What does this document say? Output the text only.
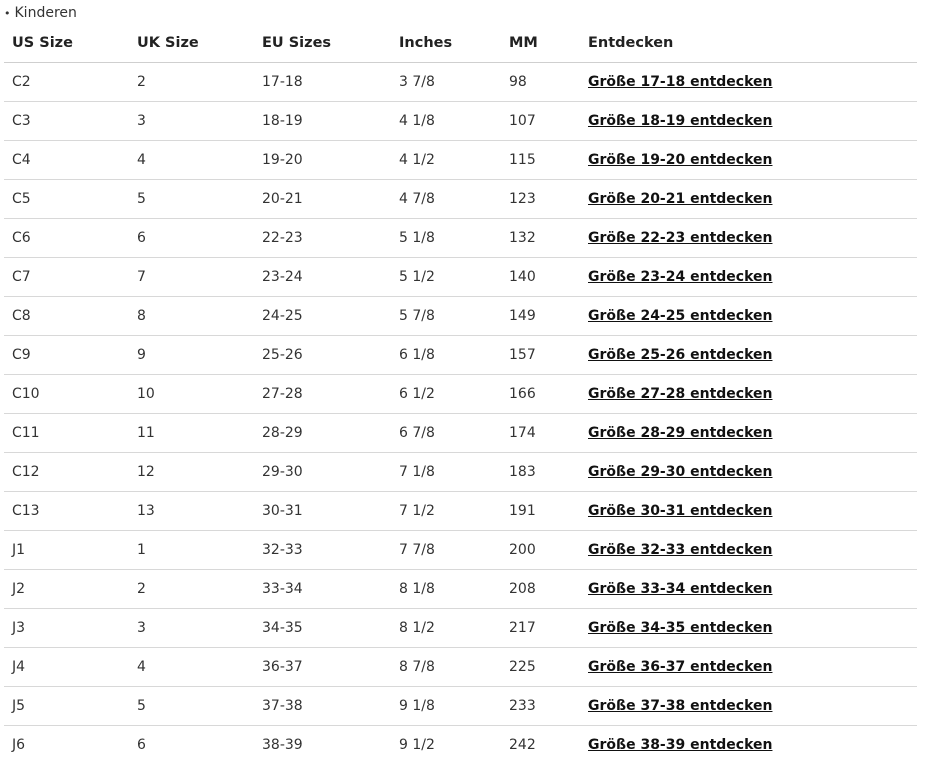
• Kinderen
US Size	UK Size	EU Sizes	Inches	MM	Entdecken
C2	2	17-18	3 7/8	98	Größe 17-18 entdecken
C3	3	18-19	4 1/8	107	Größe 18-19 entdecken
C4	4	19-20	4 1/2	115	Größe 19-20 entdecken
C5	5	20-21	4 7/8	123	Größe 20-21 entdecken
C6	6	22-23	5 1/8	132	Größe 22-23 entdecken
C7	7	23-24	5 1/2	140	Größe 23-24 entdecken
C8	8	24-25	5 7/8	149	Größe 24-25 entdecken
C9	9	25-26	6 1/8	157	Größe 25-26 entdecken
C10	10	27-28	6 1/2	166	Größe 27-28 entdecken
C11	11	28-29	6 7/8	174	Größe 28-29 entdecken
C12	12	29-30	7 1/8	183	Größe 29-30 entdecken
C13	13	30-31	7 1/2	191	Größe 30-31 entdecken
J1	1	32-33	7 7/8	200	Größe 32-33 entdecken
J2	2	33-34	8 1/8	208	Größe 33-34 entdecken
J3	3	34-35	8 1/2	217	Größe 34-35 entdecken
J4	4	36-37	8 7/8	225	Größe 36-37 entdecken
J5	5	37-38	9 1/8	233	Größe 37-38 entdecken
J6	6	38-39	9 1/2	242	Größe 38-39 entdecken
